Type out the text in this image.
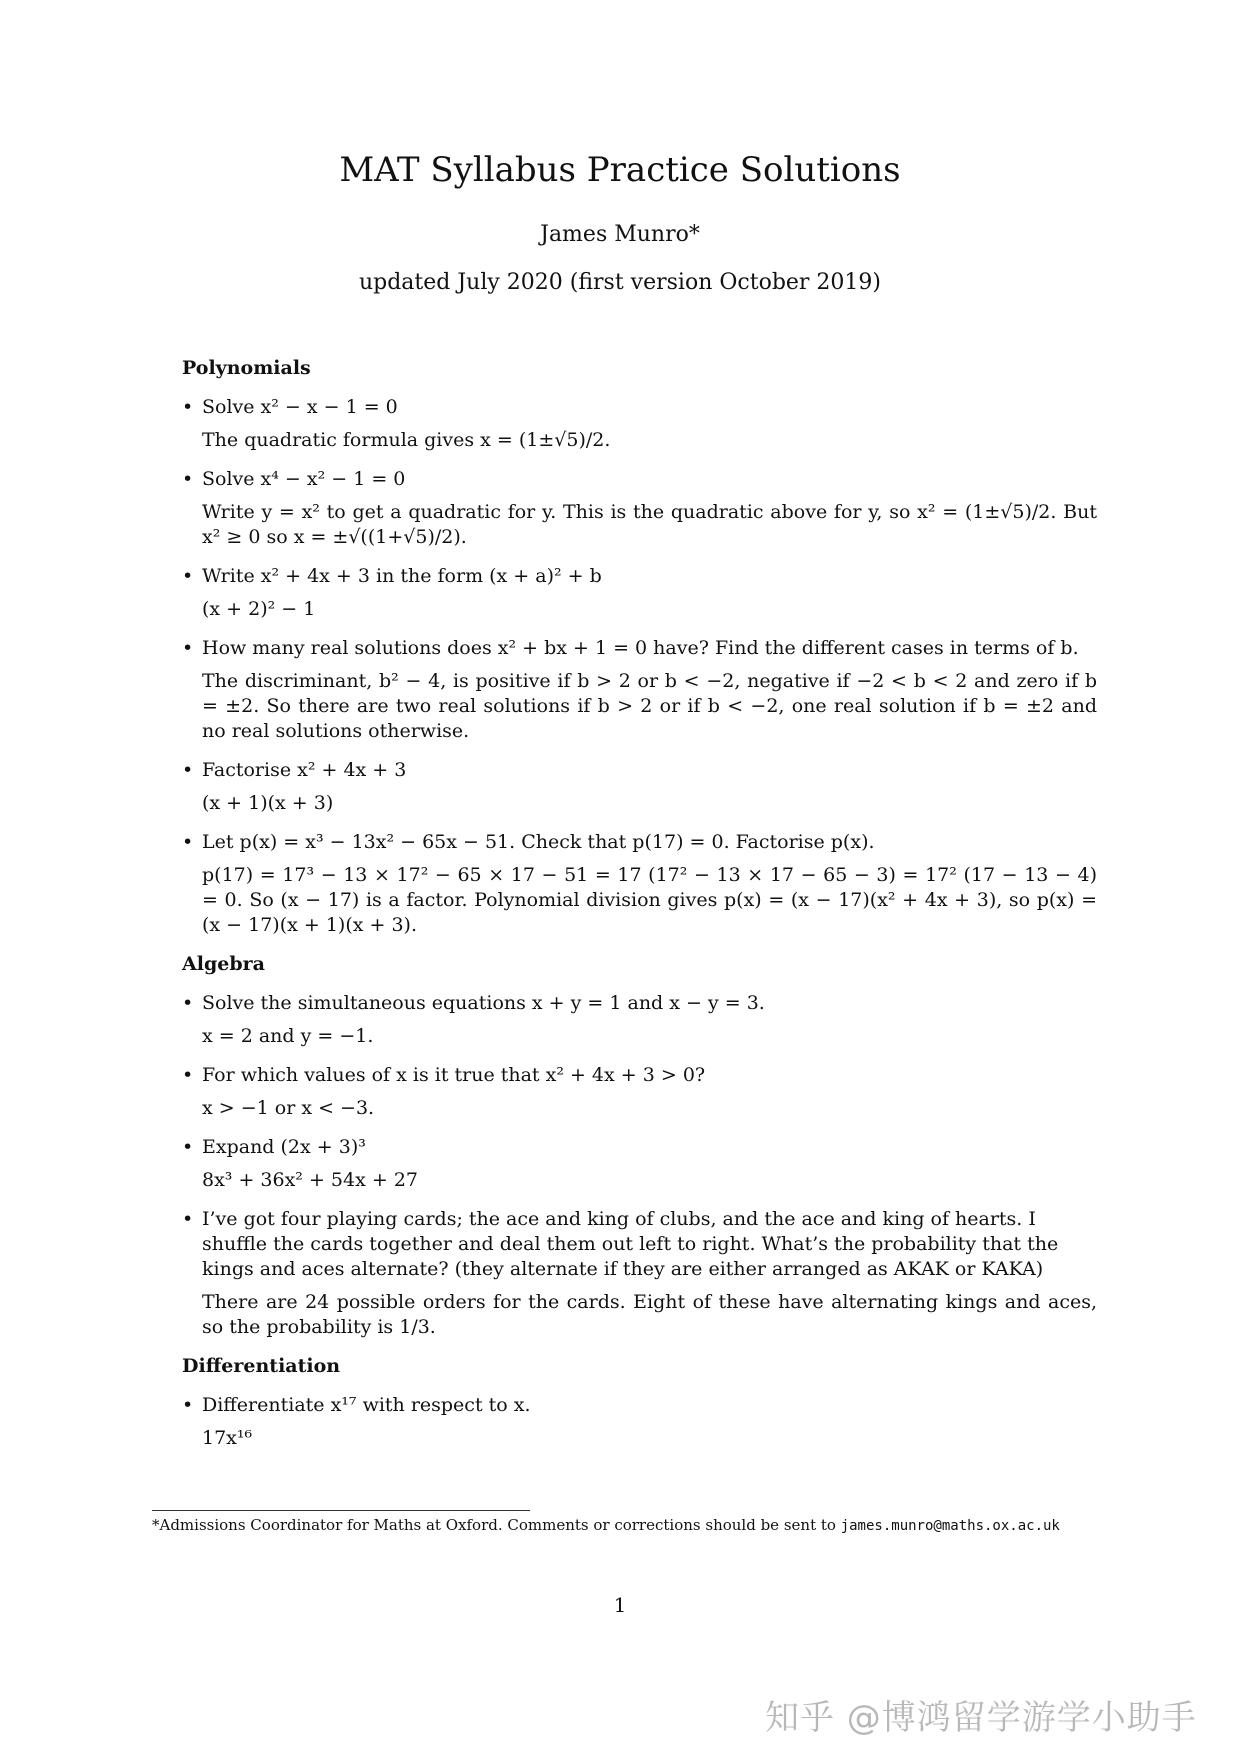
MAT Syllabus Practice Solutions
James Munro*
updated July 2020 (first version October 2019)
Polynomials
• Solve x² − x − 1 = 0
The quadratic formula gives x = (1±√5)/2.
• Solve x⁴ − x² − 1 = 0
Write y = x² to get a quadratic for y. This is the quadratic above for y, so x² = (1±√5)/2. But x² ≥ 0 so x = ±√((1+√5)/2).
• Write x² + 4x + 3 in the form (x + a)² + b
(x + 2)² − 1
• How many real solutions does x² + bx + 1 = 0 have? Find the different cases in terms of b.
The discriminant, b² − 4, is positive if b > 2 or b < −2, negative if −2 < b < 2 and zero if b = ±2. So there are two real solutions if b > 2 or if b < −2, one real solution if b = ±2 and no real solutions otherwise.
• Factorise x² + 4x + 3
(x + 1)(x + 3)
• Let p(x) = x³ − 13x² − 65x − 51. Check that p(17) = 0. Factorise p(x).
p(17) = 17³ − 13 × 17² − 65 × 17 − 51 = 17 (17² − 13 × 17 − 65 − 3) = 17² (17 − 13 − 4) = 0. So (x − 17) is a factor. Polynomial division gives p(x) = (x − 17)(x² + 4x + 3), so p(x) = (x − 17)(x + 1)(x + 3).
Algebra
• Solve the simultaneous equations x + y = 1 and x − y = 3.
x = 2 and y = −1.
• For which values of x is it true that x² + 4x + 3 > 0?
x > −1 or x < −3.
• Expand (2x + 3)³
8x³ + 36x² + 54x + 27
• I’ve got four playing cards; the ace and king of clubs, and the ace and king of hearts. I shuffle the cards together and deal them out left to right. What’s the probability that the kings and aces alternate? (they alternate if they are either arranged as AKAK or KAKA)
There are 24 possible orders for the cards. Eight of these have alternating kings and aces, so the probability is 1/3.
Differentiation
• Differentiate x¹⁷ with respect to x.
17x¹⁶
*Admissions Coordinator for Maths at Oxford. Comments or corrections should be sent to james.munro@maths.ox.ac.uk
1
知乎 @博鸿留学游学小助手
